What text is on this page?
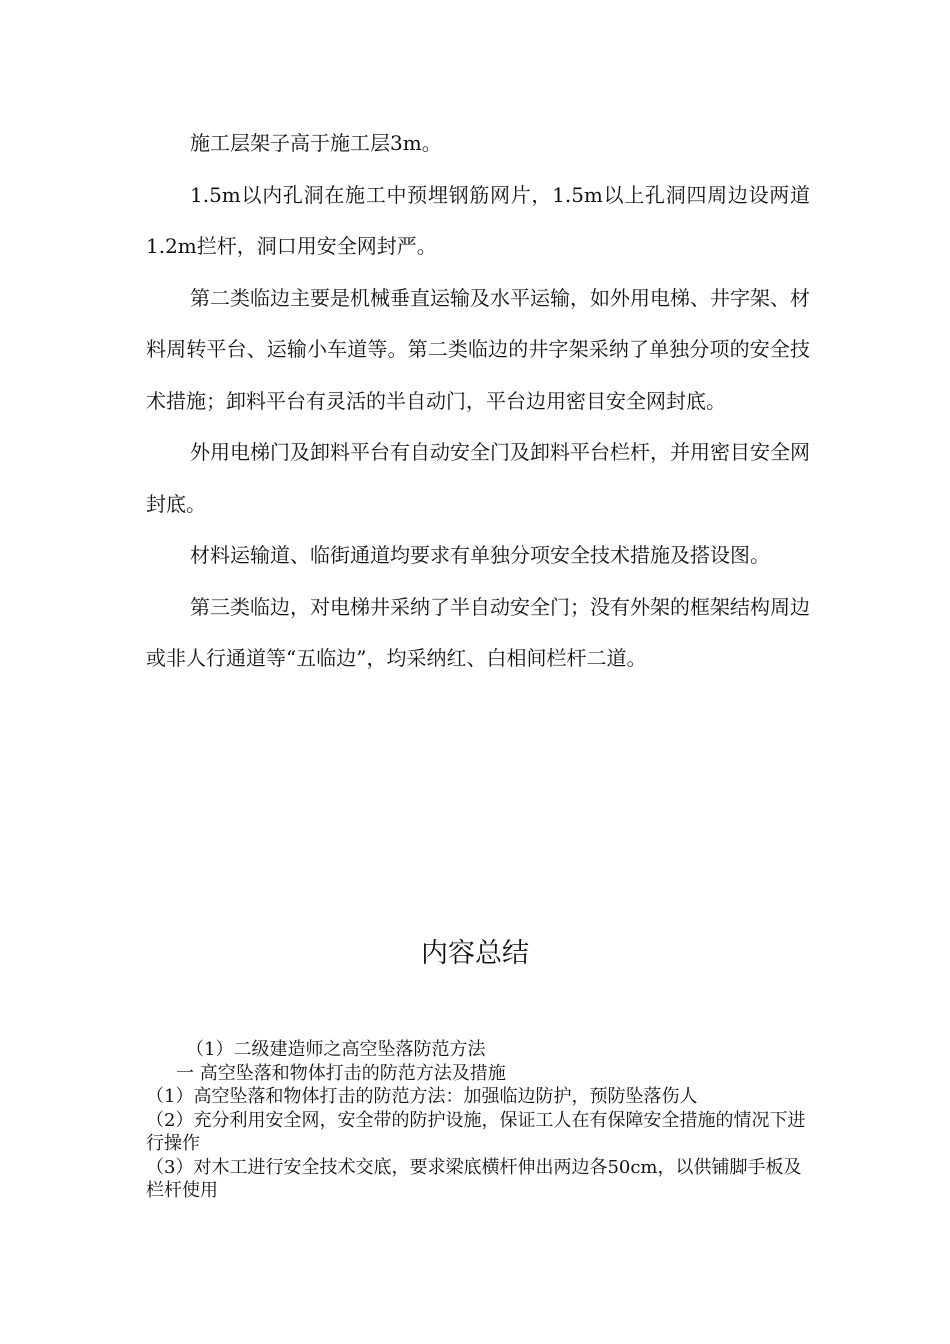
施工层架子高于施工层3m。

1.5m以内孔洞在施工中预埋钢筋网片，1.5m以上孔洞四周边设两道1.2m拦杆，洞口用安全网封严。

第二类临边主要是机械垂直运输及水平运输，如外用电梯、井字架、材料周转平台、运输小车道等。第二类临边的井字架采纳了单独分项的安全技术措施；卸料平台有灵活的半自动门，平台边用密目安全网封底。

外用电梯门及卸料平台有自动安全门及卸料平台栏杆，并用密目安全网封底。

材料运输道、临街通道均要求有单独分项安全技术措施及搭设图。

第三类临边，对电梯井采纳了半自动安全门；没有外架的框架结构周边或非人行通道等“五临边”，均采纳红、白相间栏杆二道。

内容总结

（1）二级建造师之高空坠落防范方法

一 高空坠落和物体打击的防范方法及措施

（1）高空坠落和物体打击的防范方法：加强临边防护，预防坠落伤人

（2）充分利用安全网，安全带的防护设施，保证工人在有保障安全措施的情况下进行操作

（3）对木工进行安全技术交底，要求梁底横杆伸出两边各50cm，以供铺脚手板及栏杆使用
